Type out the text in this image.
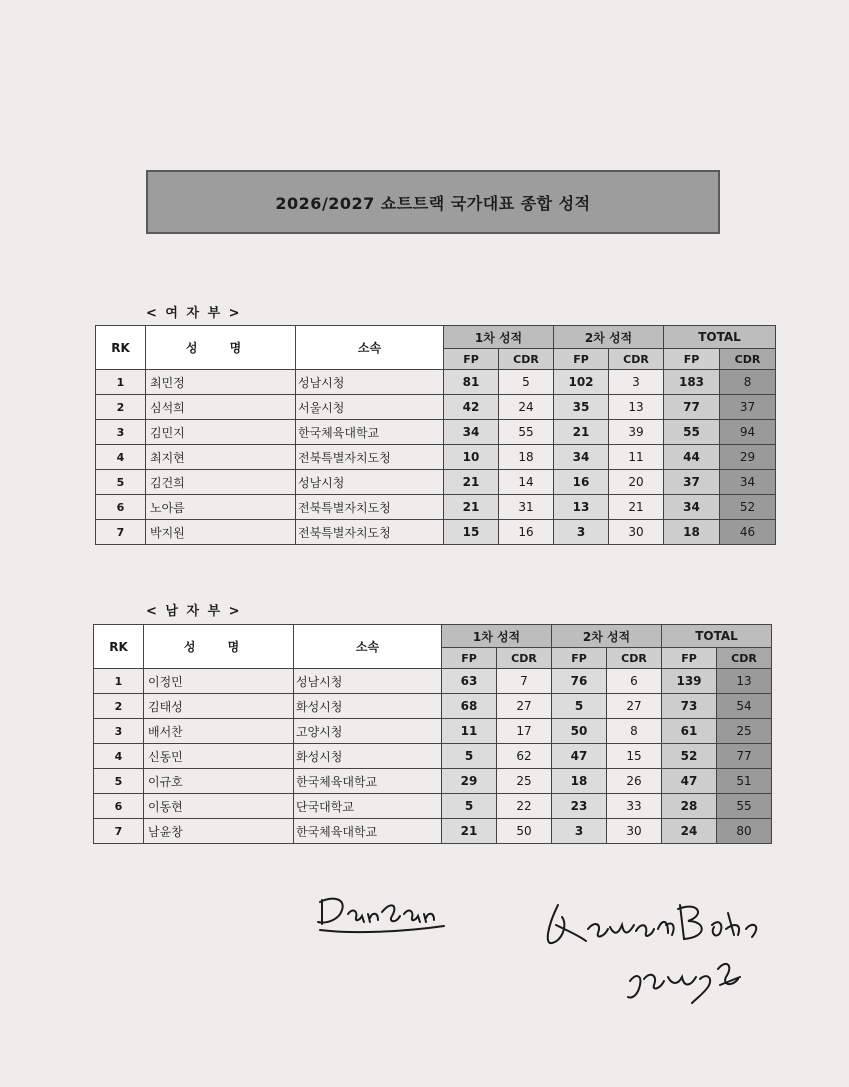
2026/2027 쇼트트랙 국가대표 종합 성적
< 여 자 부 >
RK	성 명	소속	1차 성적		2차 성적		TOTAL	
			FP	CDR	FP	CDR	FP	CDR
1	최민정	성남시청	81	5	102	3	183	8
2	심석희	서울시청	42	24	35	13	77	37
3	김민지	한국체육대학교	34	55	21	39	55	94
4	최지현	전북특별자치도청	10	18	34	11	44	29
5	김건희	성남시청	21	14	16	20	37	34
6	노아름	전북특별자치도청	21	31	13	21	34	52
7	박지원	전북특별자치도청	15	16	3	30	18	46
< 남 자 부 >
RK	성 명	소속	1차 성적		2차 성적		TOTAL	
			FP	CDR	FP	CDR	FP	CDR
1	이정민	성남시청	63	7	76	6	139	13
2	김태성	화성시청	68	27	5	27	73	54
3	배서찬	고양시청	11	17	50	8	61	25
4	신동민	화성시청	5	62	47	15	52	77
5	이규호	한국체육대학교	29	25	18	26	47	51
6	이동현	단국대학교	5	22	23	33	28	55
7	남윤창	한국체육대학교	21	50	3	30	24	80
